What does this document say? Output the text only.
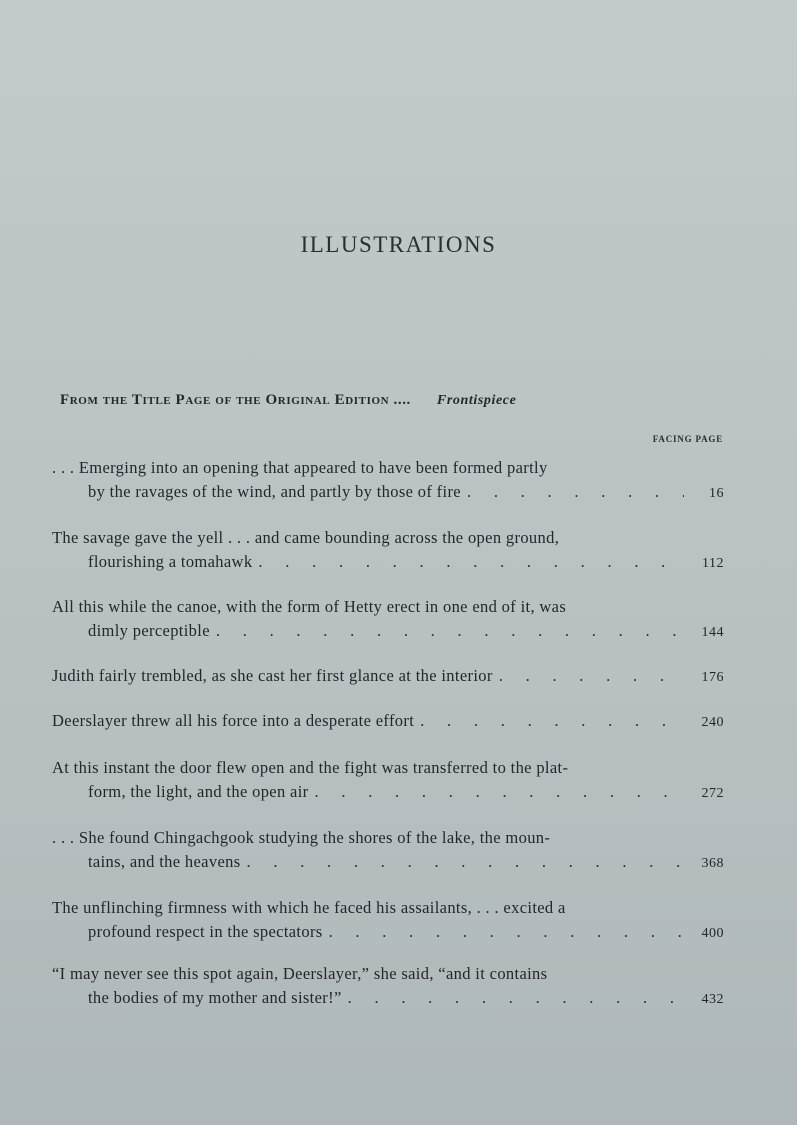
ILLUSTRATIONS
From the Title Page of the Original Edition .... Frontispiece
FACING PAGE
. . . Emerging into an opening that appeared to have been formed partly
by the ravages of the wind, and partly by those of fire . . .	16
The savage gave the yell . . . and came bounding across the open ground,
flourishing a tomahawk . . .	112
All this while the canoe, with the form of Hetty erect in one end of it, was
dimly perceptible . . .	144
Judith fairly trembled, as she cast her first glance at the interior . . .	176
Deerslayer threw all his force into a desperate effort . . .	240
At this instant the door flew open and the fight was transferred to the plat-
form, the light, and the open air . . .	272
. . . She found Chingachgook studying the shores of the lake, the moun-
tains, and the heavens . . .	368
The unflinching firmness with which he faced his assailants, . . . excited a
profound respect in the spectators . . .	400
“I may never see this spot again, Deerslayer,” she said, “and it contains
the bodies of my mother and sister!” . . .	432
